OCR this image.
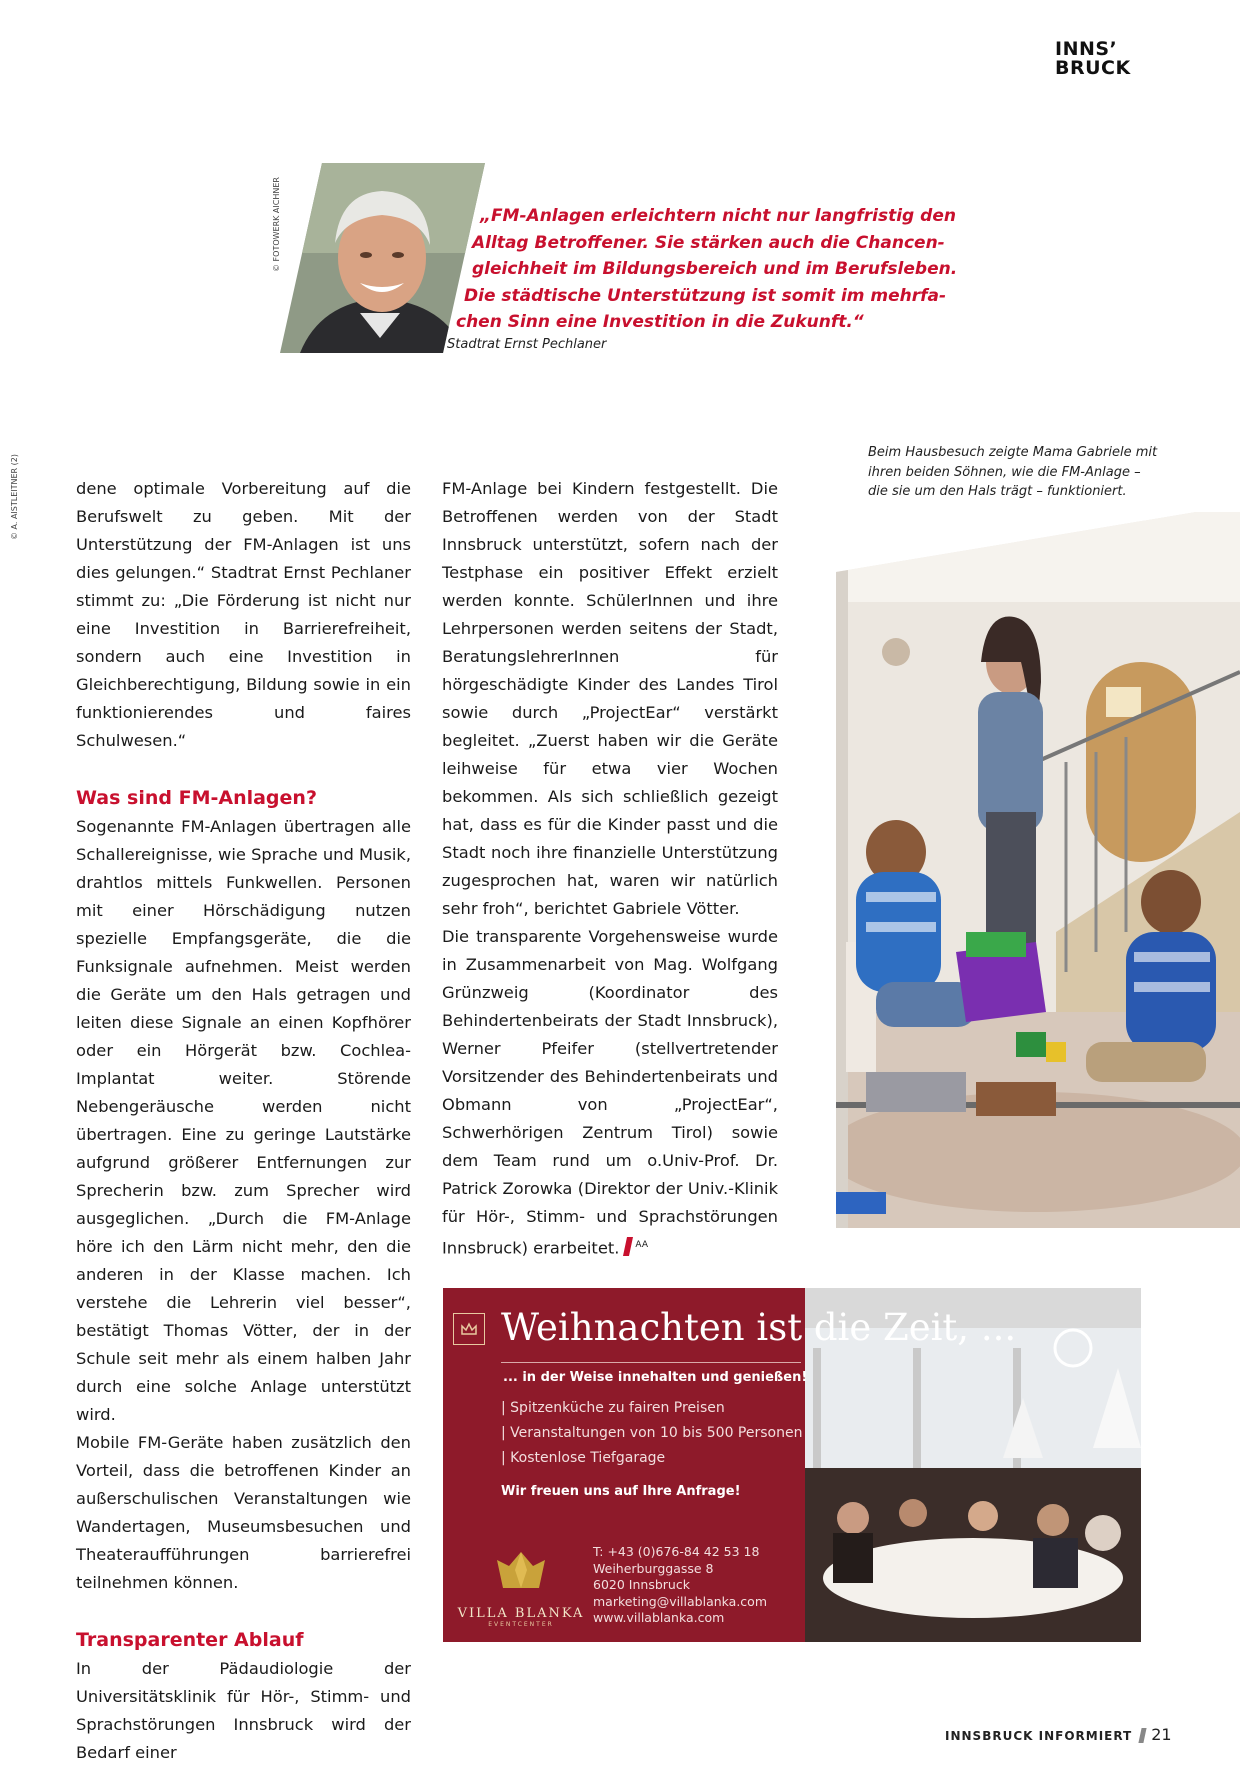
INNS’
BRUCK
© FOTOWERK AICHNER	„FM-Anlagen erleichtern nicht nur langfristig den
Alltag Betroffener. Sie stärken auch die Chancen-
gleichheit im Bildungsbereich und im Berufsleben.
Die städtische Unterstützung ist somit im mehrfa-
chen Sinn eine Investition in die Zukunft.“
Stadtrat Ernst Pechlaner
© A. AISTLEITNER (2)	dene optimale Vorbereitung auf die Berufswelt zu geben. Mit der Unterstützung der FM-Anlagen ist uns dies gelungen.“ Stadtrat Ernst Pechlaner stimmt zu: „Die Förderung ist nicht nur eine Investition in Barrierefreiheit, sondern auch eine Investition in Gleichberechtigung, Bildung sowie in ein funktionierendes und faires Schulwesen.“

Was sind FM-Anlagen?

Sogenannte FM-Anlagen übertragen alle Schallereignisse, wie Sprache und Musik, drahtlos mittels Funkwellen. Personen mit einer Hörschädigung nutzen spezielle Empfangsgeräte, die die Funksignale aufnehmen. Meist werden die Geräte um den Hals getragen und leiten diese Signale an einen Kopfhörer oder ein Hörgerät bzw. Cochlea-Implantat weiter. Störende Nebengeräusche werden nicht übertragen. Eine zu geringe Lautstärke aufgrund größerer Entfernungen zur Sprecherin bzw. zum Sprecher wird ausgeglichen. „Durch die FM-Anlage höre ich den Lärm nicht mehr, den die anderen in der Klasse machen. Ich verstehe die Lehrerin viel besser“, bestätigt Thomas Vötter, der in der Schule seit mehr als einem halben Jahr durch eine solche Anlage unterstützt wird.

Mobile FM-Geräte haben zusätzlich den Vorteil, dass die betroffenen Kinder an außerschulischen Veranstaltungen wie Wandertagen, Museumsbesuchen und Theateraufführungen barrierefrei teilnehmen können.

Transparenter Ablauf

In der Pädaudiologie der Universitätsklinik für Hör-, Stimm- und Sprachstörungen Innsbruck wird der Bedarf einer

FM-Anlage bei Kindern festgestellt. Die Betroffenen werden von der Stadt Innsbruck unterstützt, sofern nach der Testphase ein positiver Effekt erzielt werden konnte. SchülerInnen und ihre Lehrpersonen werden seitens der Stadt, BeratungslehrerInnen für hörgeschädigte Kinder des Landes Tirol sowie durch „ProjectEar“ verstärkt begleitet. „Zuerst haben wir die Geräte leihweise für etwa vier Wochen bekommen. Als sich schließlich gezeigt hat, dass es für die Kinder passt und die Stadt noch ihre finanzielle Unterstützung zugesprochen hat, waren wir natürlich sehr froh“, berichtet Gabriele Vötter.

Die transparente Vorgehensweise wurde in Zusammenarbeit von Mag. Wolfgang Grünzweig (Koordinator des Behindertenbeirats der Stadt Innsbruck), Werner Pfeifer (stellvertretender Vorsitzender des Behindertenbeirats und Obmann von „ProjectEar“, Schwerhörigen Zentrum Tirol) sowie dem Team rund um o.Univ-Prof. Dr. Patrick Zorowka (Direktor der Univ.-Klinik für Hör-, Stimm- und Sprachstörungen Innsbruck) erarbeitet. $^{AA}$

Beim Hausbesuch zeigte Mama Gabriele mit ihren beiden Söhnen, wie die FM-Anlage – die sie um den Hals trägt – funktioniert.
Weihnachten ist die Zeit, ...
... in der Weise innehalten und genießen!
| Spitzenküche zu fairen Preisen
| Veranstaltungen von 10 bis 500 Personen
| Kostenlose Tiefgarage
Wir freuen uns auf Ihre Anfrage!
VILLA BLANKA
EVENTCENTER
T: +43 (0)676-84 42 53 18
Weiherburggasse 8
6020 Innsbruck
marketing@villablanka.com
www.villablanka.com
INNSBRUCK INFORMIERT 21
